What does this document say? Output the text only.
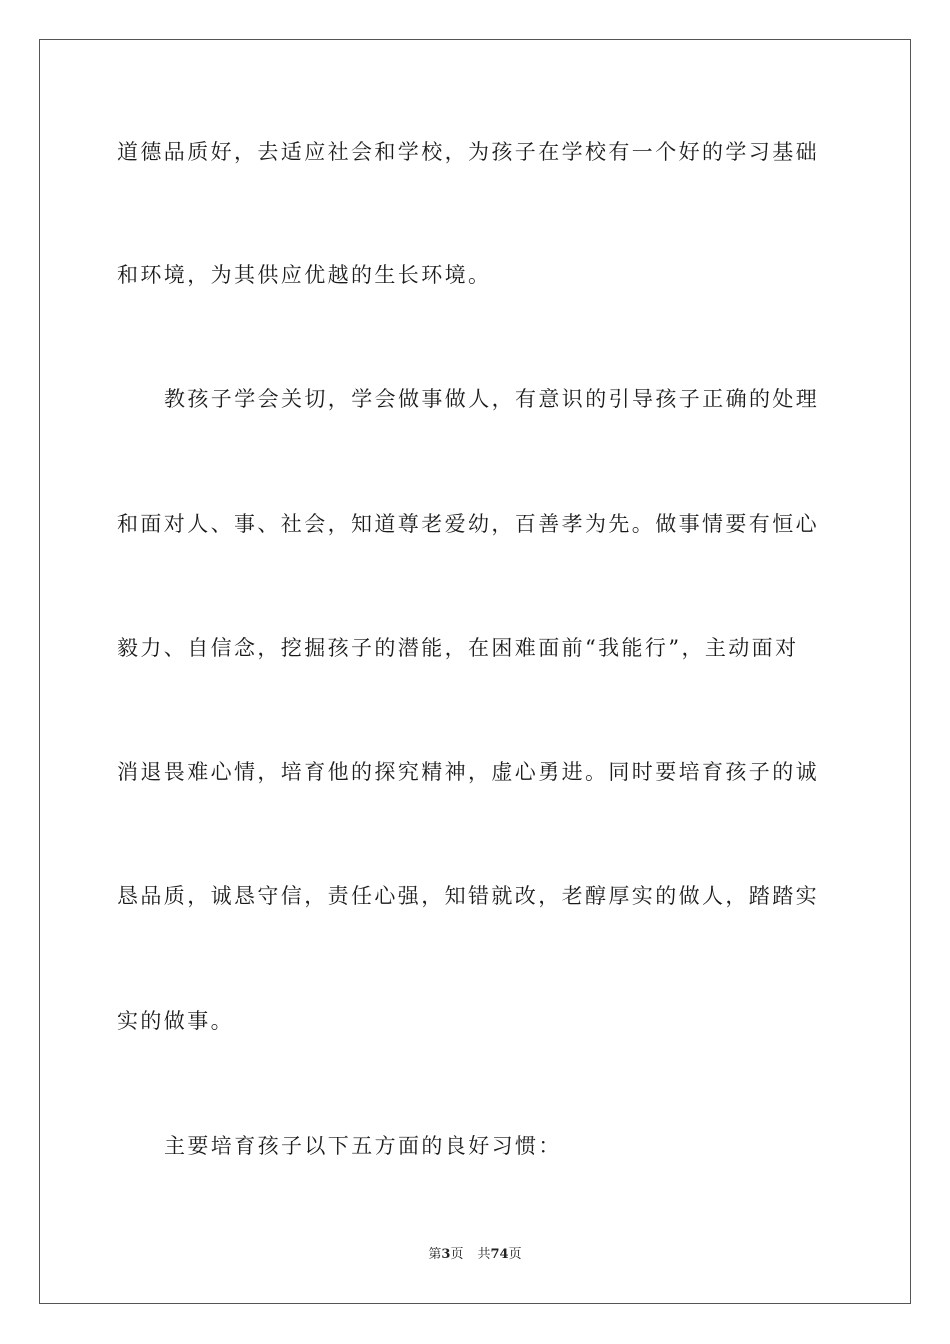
道德品质好，去适应社会和学校，为孩子在学校有一个好的学习基础
和环境，为其供应优越的生长环境。
教孩子学会关切，学会做事做人，有意识的引导孩子正确的处理
和面对人、事、社会，知道尊老爱幼，百善孝为先。做事情要有恒心
毅力、自信念，挖掘孩子的潜能，在困难面前“我能行”，主动面对
消退畏难心情，培育他的探究精神，虚心勇进。同时要培育孩子的诚
恳品质，诚恳守信，责任心强，知错就改，老醇厚实的做人，踏踏实
实的做事。
主要培育孩子以下五方面的良好习惯：
第3页 共74页
